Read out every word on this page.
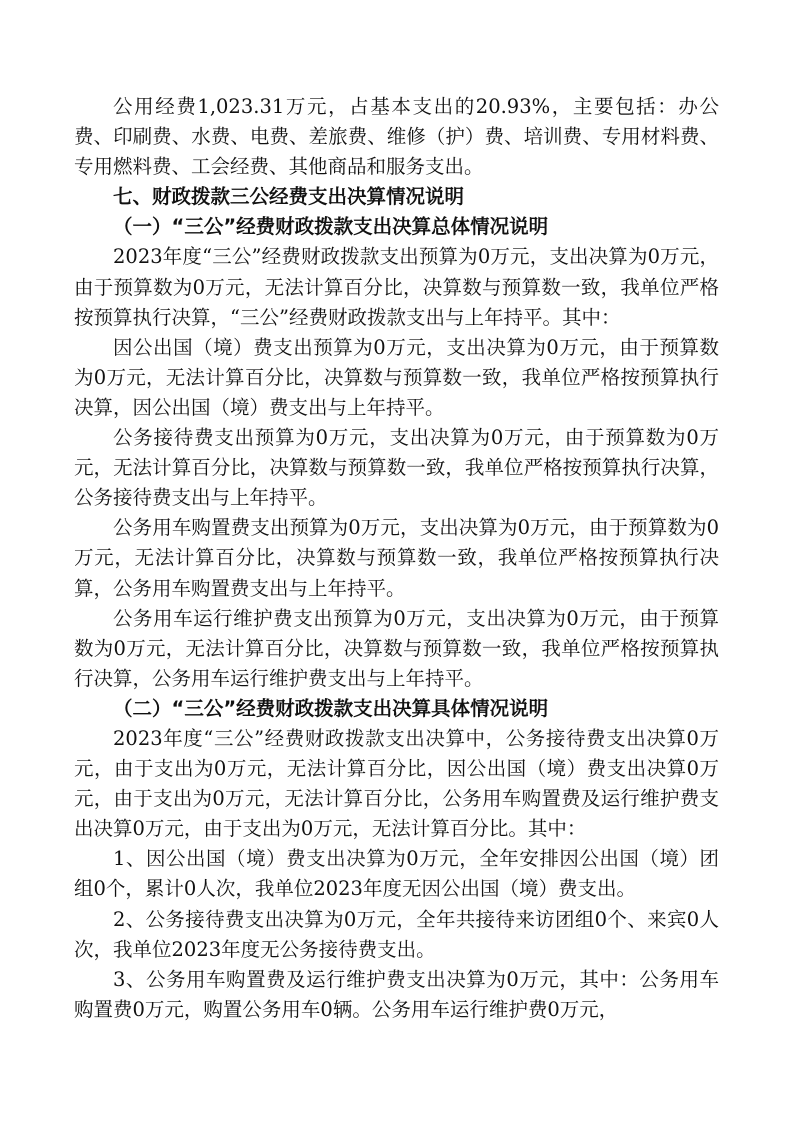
公用经费1,023.31万元，占基本支出的20.93%，主要包括：办公费、印刷费、水费、电费、差旅费、维修（护）费、培训费、专用材料费、专用燃料费、工会经费、其他商品和服务支出。

七、财政拨款三公经费支出决算情况说明

（一）“三公”经费财政拨款支出决算总体情况说明

2023年度“三公”经费财政拨款支出预算为0万元，支出决算为0万元，由于预算数为0万元，无法计算百分比，决算数与预算数一致，我单位严格按预算执行决算，“三公”经费财政拨款支出与上年持平。其中：

因公出国（境）费支出预算为0万元，支出决算为0万元，由于预算数为0万元，无法计算百分比，决算数与预算数一致，我单位严格按预算执行决算，因公出国（境）费支出与上年持平。

公务接待费支出预算为0万元，支出决算为0万元，由于预算数为0万元，无法计算百分比，决算数与预算数一致，我单位严格按预算执行决算，公务接待费支出与上年持平。

公务用车购置费支出预算为0万元，支出决算为0万元，由于预算数为0万元，无法计算百分比，决算数与预算数一致，我单位严格按预算执行决算，公务用车购置费支出与上年持平。

公务用车运行维护费支出预算为0万元，支出决算为0万元，由于预算数为0万元，无法计算百分比，决算数与预算数一致，我单位严格按预算执行决算，公务用车运行维护费支出与上年持平。

（二）“三公”经费财政拨款支出决算具体情况说明

2023年度“三公”经费财政拨款支出决算中，公务接待费支出决算0万元，由于支出为0万元，无法计算百分比，因公出国（境）费支出决算0万元，由于支出为0万元，无法计算百分比，公务用车购置费及运行维护费支出决算0万元，由于支出为0万元，无法计算百分比。其中：

1、因公出国（境）费支出决算为0万元，全年安排因公出国（境）团组0个，累计0人次，我单位2023年度无因公出国（境）费支出。

2、公务接待费支出决算为0万元，全年共接待来访团组0个、来宾0人次，我单位2023年度无公务接待费支出。

3、公务用车购置费及运行维护费支出决算为0万元，其中：公务用车购置费0万元，购置公务用车0辆。公务用车运行维护费0万元，
